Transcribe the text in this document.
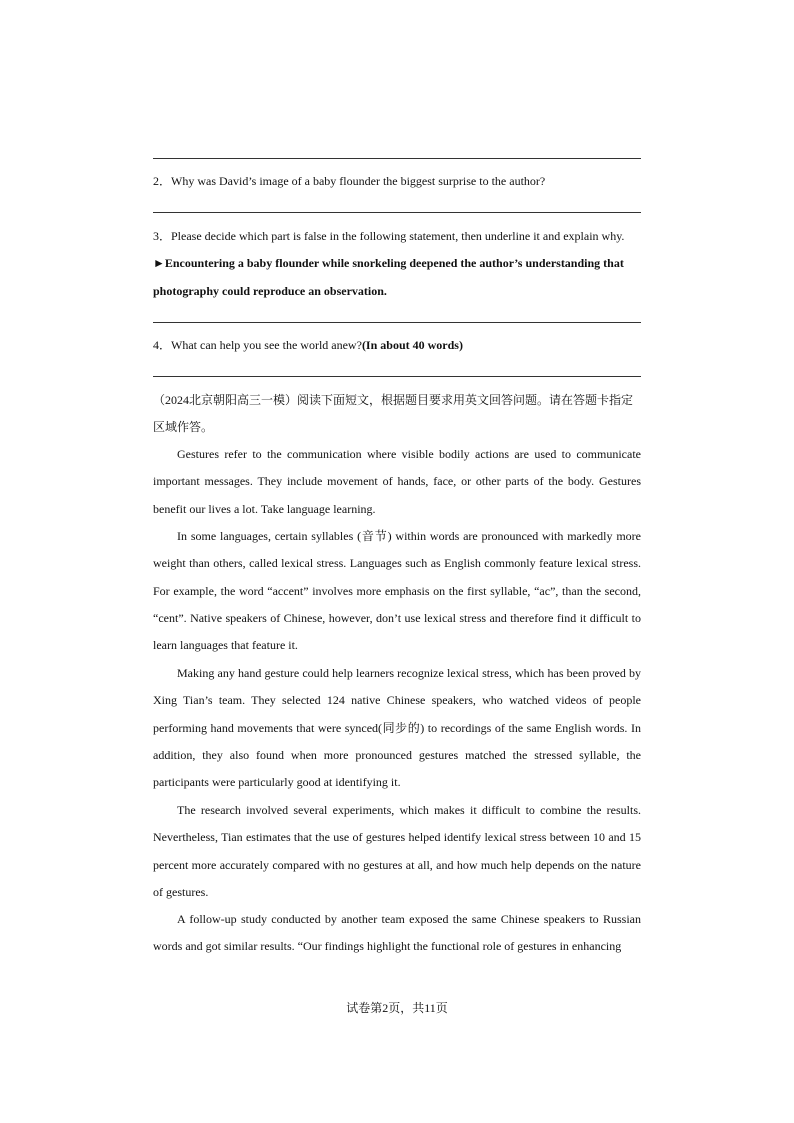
2．Why was David’s image of a baby flounder the biggest surprise to the author?
3．Please decide which part is false in the following statement, then underline it and explain why.
►Encountering a baby flounder while snorkeling deepened the author’s understanding that
photography could reproduce an observation.
4．What can help you see the world anew?(In about 40 words)
（2024北京朝阳高三一模）阅读下面短文，根据题目要求用英文回答问题。请在答题卡指定区域作答。
Gestures refer to the communication where visible bodily actions are used to communicate important messages. They include movement of hands, face, or other parts of the body. Gestures benefit our lives a lot. Take language learning.
In some languages, certain syllables (音节) within words are pronounced with markedly more weight than others, called lexical stress. Languages such as English commonly feature lexical stress. For example, the word “accent” involves more emphasis on the first syllable, “ac”, than the second, “cent”. Native speakers of Chinese, however, don’t use lexical stress and therefore find it difficult to learn languages that feature it.
Making any hand gesture could help learners recognize lexical stress, which has been proved by Xing Tian’s team. They selected 124 native Chinese speakers, who watched videos of people performing hand movements that were synced(同步的) to recordings of the same English words. In addition, they also found when more pronounced gestures matched the stressed syllable, the participants were particularly good at identifying it.
The research involved several experiments, which makes it difficult to combine the results. Nevertheless, Tian estimates that the use of gestures helped identify lexical stress between 10 and 15 percent more accurately compared with no gestures at all, and how much help depends on the nature of gestures.
A follow-up study conducted by another team exposed the same Chinese speakers to Russian words and got similar results. “Our findings highlight the functional role of gestures in enhancing
试卷第2页，共11页
